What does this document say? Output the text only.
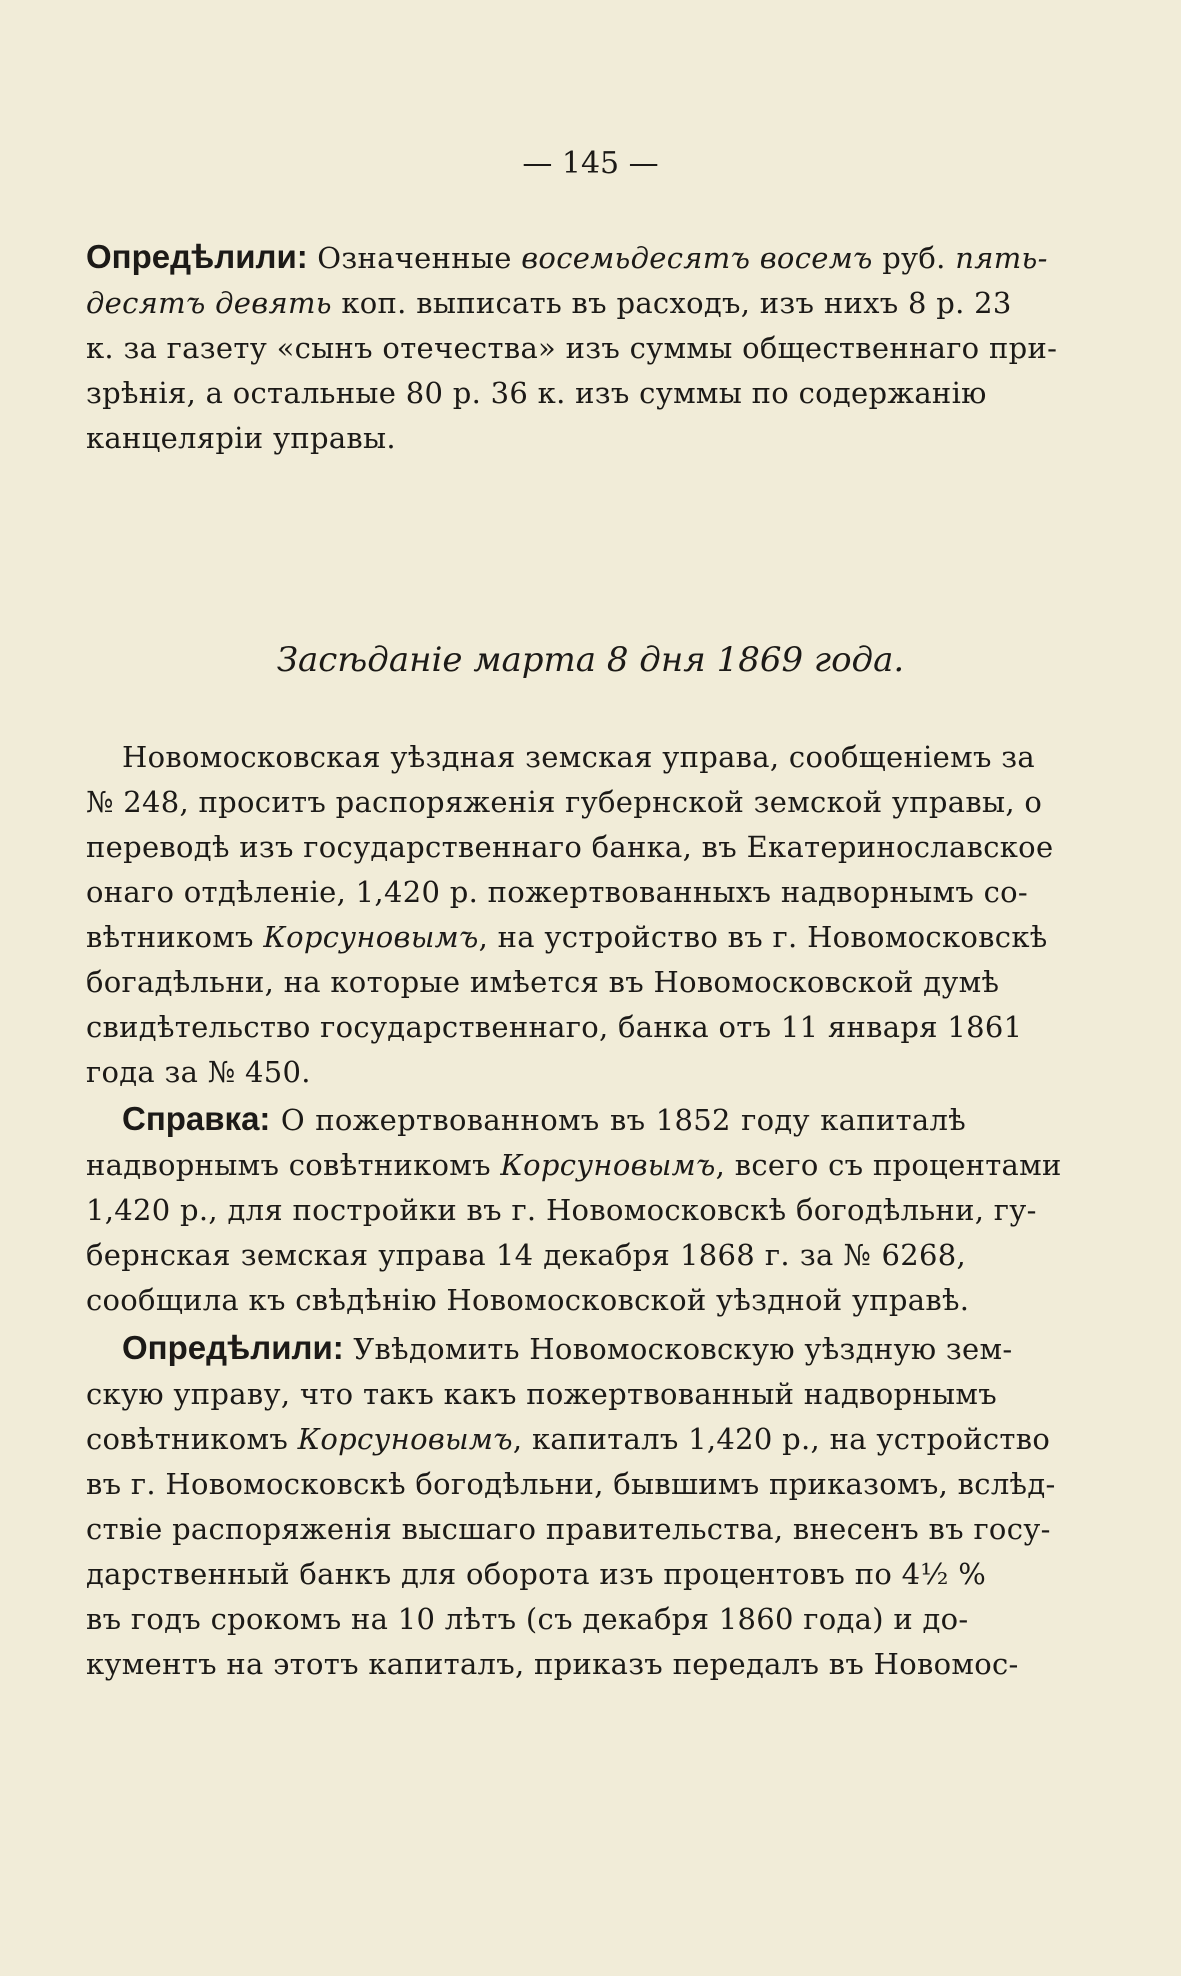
— 145 —
Опредѣлили: Означенные восемьдесятъ восемъ руб. пять-
десятъ девять коп. выписать въ расходъ, изъ нихъ 8 р. 23
к. за газету «сынъ отечества» изъ суммы общественнаго при-
зрѣнія, а остальные 80 р. 36 к. изъ суммы по содержанію
канцеляріи управы.
Засѣданіе марта 8 дня 1869 года.
Новомосковская уѣздная земская управа, сообщеніемъ за
№ 248, проситъ распоряженія губернской земской управы, о
переводѣ изъ государственнаго банка, въ Екатеринославское
онаго отдѣленіе, 1,420 р. пожертвованныхъ надворнымъ со-
вѣтникомъ Корсуновымъ, на устройство въ г. Новомосковскѣ
богадѣльни, на которые имѣется въ Новомосковской думѣ
свидѣтельство государственнаго, банка отъ 11 января 1861
года за № 450.
Справка: О пожертвованномъ въ 1852 году капиталѣ
надворнымъ совѣтникомъ Корсуновымъ, всего съ процентами
1,420 р., для постройки въ г. Новомосковскѣ богодѣльни, гу-
бернская земская управа 14 декабря 1868 г. за № 6268,
сообщила къ свѣдѣнію Новомосковской уѣздной управѣ.
Опредѣлили: Увѣдомить Новомосковскую уѣздную зем-
скую управу, что такъ какъ пожертвованный надворнымъ
совѣтникомъ Корсуновымъ, капиталъ 1,420 р., на устройство
въ г. Новомосковскѣ богодѣльни, бывшимъ приказомъ, вслѣд-
ствіе распоряженія высшаго правительства, внесенъ въ госу-
дарственный банкъ для оборота изъ процентовъ по 4½ %
въ годъ срокомъ на 10 лѣтъ (съ декабря 1860 года) и до-
кументъ на этотъ капиталъ, приказъ передалъ въ Новомос-
